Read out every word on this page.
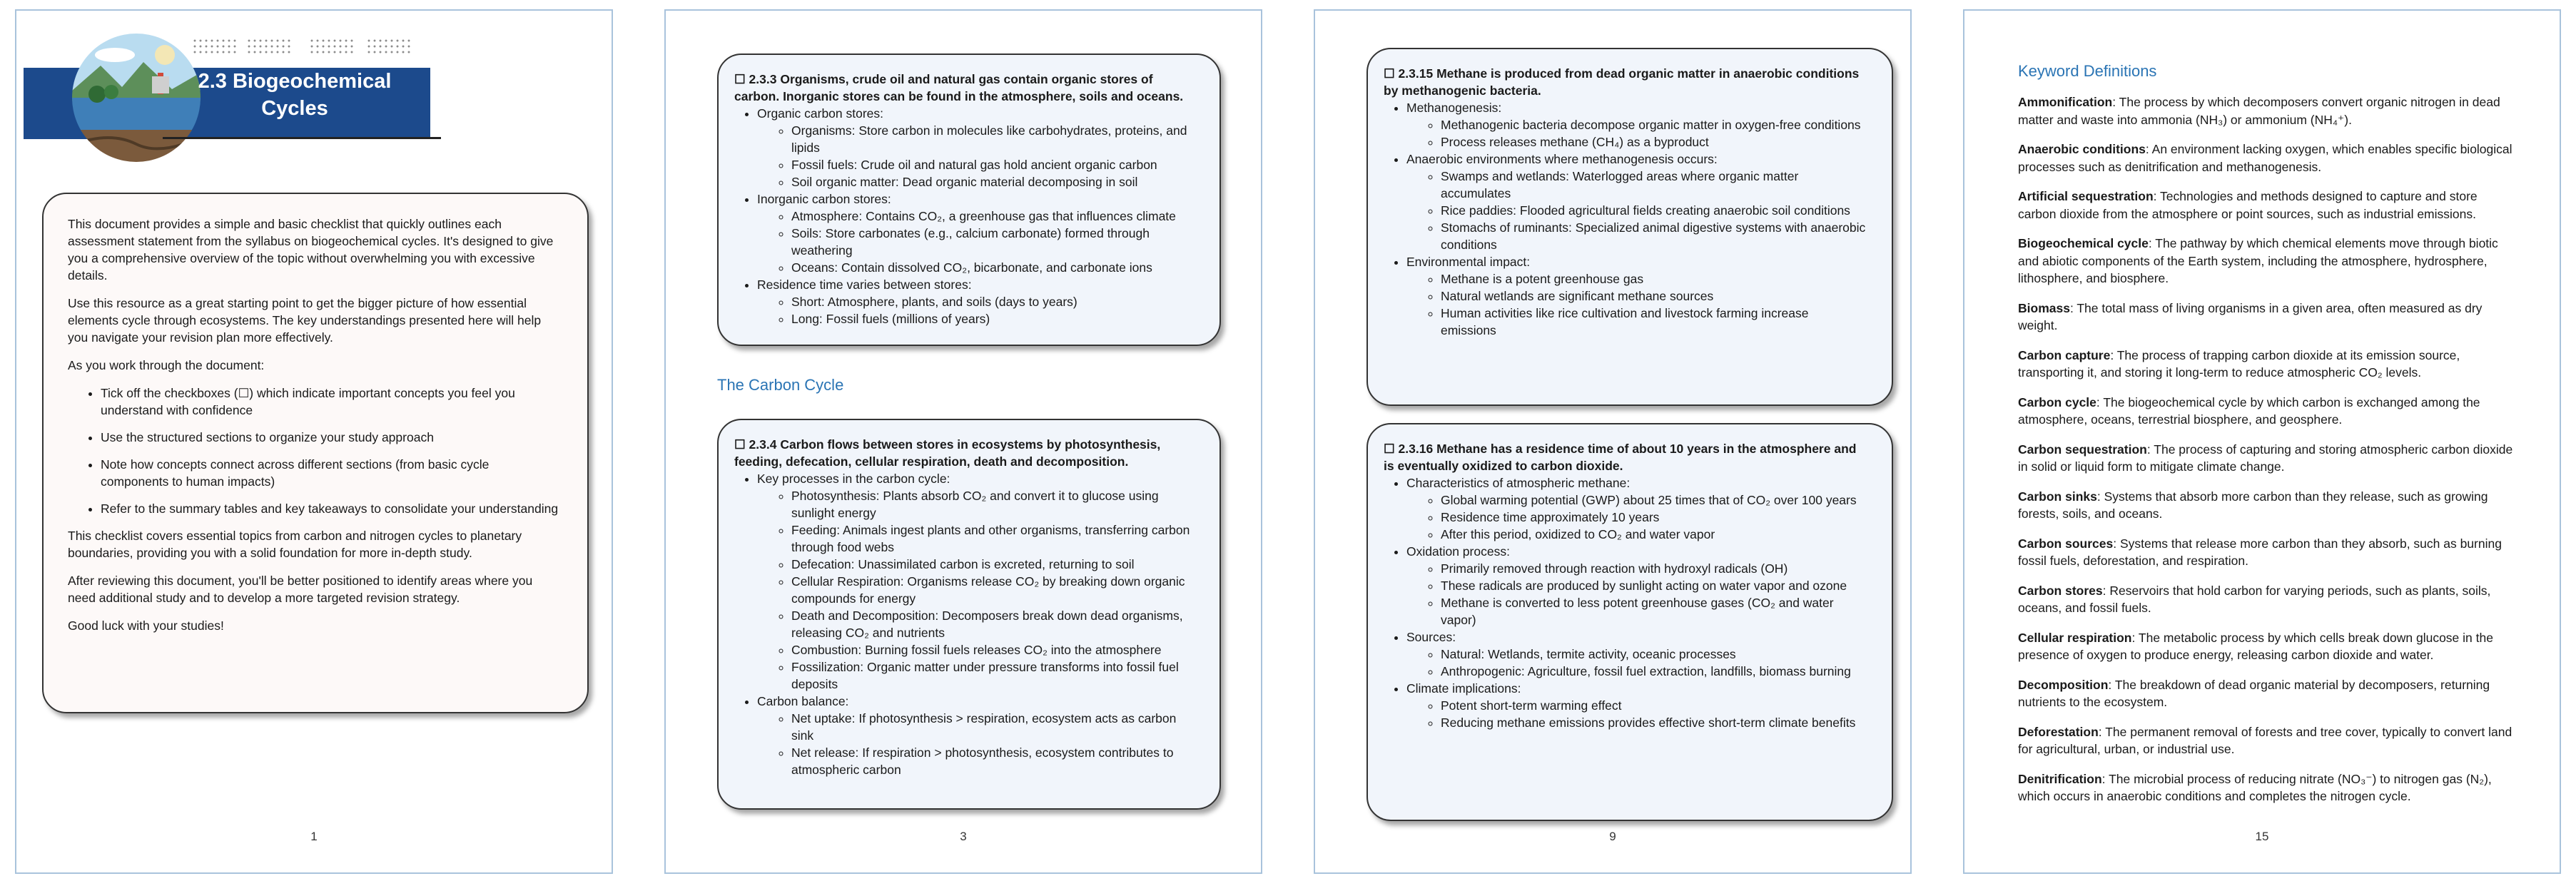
2.3 Biogeochemical
Cycles

This document provides a simple and basic checklist that quickly outlines each assessment statement from the syllabus on biogeochemical cycles. It's designed to give you a comprehensive overview of the topic without overwhelming you with excessive details.

Use this resource as a great starting point to get the bigger picture of how essential elements cycle through ecosystems. The key understandings presented here will help you navigate your revision plan more effectively.

As you work through the document:

• Tick off the checkboxes (☐) which indicate important concepts you feel you understand with confidence
• Use the structured sections to organize your study approach
• Note how concepts connect across different sections (from basic cycle components to human impacts)
• Refer to the summary tables and key takeaways to consolidate your understanding

This checklist covers essential topics from carbon and nitrogen cycles to planetary boundaries, providing you with a solid foundation for more in-depth study.

After reviewing this document, you'll be better positioned to identify areas where you need additional study and to develop a more targeted revision strategy.

Good luck with your studies!

1
☐ 2.3.3 Organisms, crude oil and natural gas contain organic stores of carbon. Inorganic stores can be found in the atmosphere, soils and oceans.
• Organic carbon stores:
◦ Organisms: Store carbon in molecules like carbohydrates, proteins, and lipids
◦ Fossil fuels: Crude oil and natural gas hold ancient organic carbon
◦ Soil organic matter: Dead organic material decomposing in soil
• Inorganic carbon stores:
◦ Atmosphere: Contains CO₂, a greenhouse gas that influences climate
◦ Soils: Store carbonates (e.g., calcium carbonate) formed through weathering
◦ Oceans: Contain dissolved CO₂, bicarbonate, and carbonate ions
• Residence time varies between stores:
◦ Short: Atmosphere, plants, and soils (days to years)
◦ Long: Fossil fuels (millions of years)
The Carbon Cycle
☐ 2.3.4 Carbon flows between stores in ecosystems by photosynthesis, feeding, defecation, cellular respiration, death and decomposition.
• Key processes in the carbon cycle:
◦ Photosynthesis: Plants absorb CO₂ and convert it to glucose using sunlight energy
◦ Feeding: Animals ingest plants and other organisms, transferring carbon through food webs
◦ Defecation: Unassimilated carbon is excreted, returning to soil
◦ Cellular Respiration: Organisms release CO₂ by breaking down organic compounds for energy
◦ Death and Decomposition: Decomposers break down dead organisms, releasing CO₂ and nutrients
◦ Combustion: Burning fossil fuels releases CO₂ into the atmosphere
◦ Fossilization: Organic matter under pressure transforms into fossil fuel deposits
• Carbon balance:
◦ Net uptake: If photosynthesis > respiration, ecosystem acts as carbon sink
◦ Net release: If respiration > photosynthesis, ecosystem contributes to atmospheric carbon
3
☐ 2.3.15 Methane is produced from dead organic matter in anaerobic conditions by methanogenic bacteria.
• Methanogenesis:
◦ Methanogenic bacteria decompose organic matter in oxygen-free conditions
◦ Process releases methane (CH₄) as a byproduct
• Anaerobic environments where methanogenesis occurs:
◦ Swamps and wetlands: Waterlogged areas where organic matter accumulates
◦ Rice paddies: Flooded agricultural fields creating anaerobic soil conditions
◦ Stomachs of ruminants: Specialized animal digestive systems with anaerobic conditions
• Environmental impact:
◦ Methane is a potent greenhouse gas
◦ Natural wetlands are significant methane sources
◦ Human activities like rice cultivation and livestock farming increase emissions
☐ 2.3.16 Methane has a residence time of about 10 years in the atmosphere and is eventually oxidized to carbon dioxide.
• Characteristics of atmospheric methane:
◦ Global warming potential (GWP) about 25 times that of CO₂ over 100 years
◦ Residence time approximately 10 years
◦ After this period, oxidized to CO₂ and water vapor
• Oxidation process:
◦ Primarily removed through reaction with hydroxyl radicals (OH)
◦ These radicals are produced by sunlight acting on water vapor and ozone
◦ Methane is converted to less potent greenhouse gases (CO₂ and water vapor)
• Sources:
◦ Natural: Wetlands, termite activity, oceanic processes
◦ Anthropogenic: Agriculture, fossil fuel extraction, landfills, biomass burning
• Climate implications:
◦ Potent short-term warming effect
◦ Reducing methane emissions provides effective short-term climate benefits
9
Keyword Definitions

Ammonification: The process by which decomposers convert organic nitrogen in dead matter and waste into ammonia (NH₃) or ammonium (NH₄⁺).

Anaerobic conditions: An environment lacking oxygen, which enables specific biological processes such as denitrification and methanogenesis.

Artificial sequestration: Technologies and methods designed to capture and store carbon dioxide from the atmosphere or point sources, such as industrial emissions.

Biogeochemical cycle: The pathway by which chemical elements move through biotic and abiotic components of the Earth system, including the atmosphere, hydrosphere, lithosphere, and biosphere.

Biomass: The total mass of living organisms in a given area, often measured as dry weight.

Carbon capture: The process of trapping carbon dioxide at its emission source, transporting it, and storing it long-term to reduce atmospheric CO₂ levels.

Carbon cycle: The biogeochemical cycle by which carbon is exchanged among the atmosphere, oceans, terrestrial biosphere, and geosphere.

Carbon sequestration: The process of capturing and storing atmospheric carbon dioxide in solid or liquid form to mitigate climate change.

Carbon sinks: Systems that absorb more carbon than they release, such as growing forests, soils, and oceans.

Carbon sources: Systems that release more carbon than they absorb, such as burning fossil fuels, deforestation, and respiration.

Carbon stores: Reservoirs that hold carbon for varying periods, such as plants, soils, oceans, and fossil fuels.

Cellular respiration: The metabolic process by which cells break down glucose in the presence of oxygen to produce energy, releasing carbon dioxide and water.

Decomposition: The breakdown of dead organic material by decomposers, returning nutrients to the ecosystem.

Deforestation: The permanent removal of forests and tree cover, typically to convert land for agricultural, urban, or industrial use.

Denitrification: The microbial process of reducing nitrate (NO₃⁻) to nitrogen gas (N₂), which occurs in anaerobic conditions and completes the nitrogen cycle.

15
